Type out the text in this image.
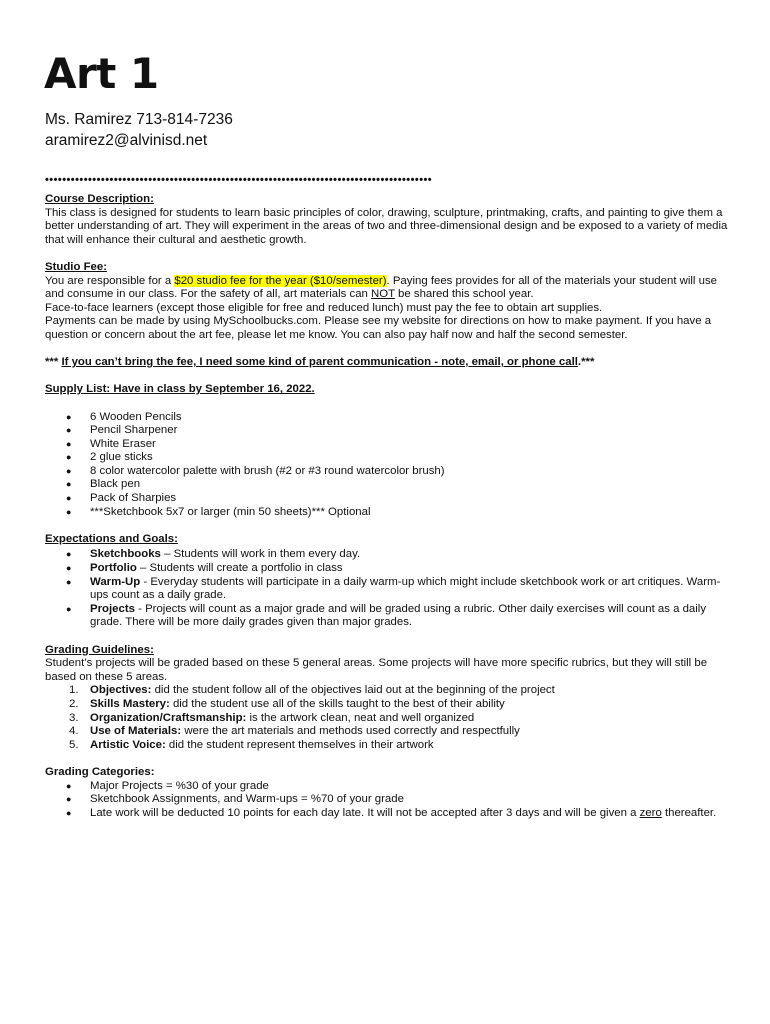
Art 1
Ms. Ramirez 713-814-7236
aramirez2@alvinisd.net
••••••••••••••••••••••••••••••••••••••••••••••••••••••••••••••••••••••••••••••••••••••••••

Course Description:

This class is designed for students to learn basic principles of color, drawing, sculpture, printmaking, crafts, and painting to give them a better understanding of art. They will experiment in the areas of two and three-dimensional design and be exposed to a variety of media that will enhance their cultural and aesthetic growth.

Studio Fee:

You are responsible for a $20 studio fee for the year ($10/semester). Paying fees provides for all of the materials your student will use and consume in our class. For the safety of all, art materials can NOT be shared this school year.

Face-to-face learners (except those eligible for free and reduced lunch) must pay the fee to obtain art supplies.

Payments can be made by using MySchoolbucks.com. Please see my website for directions on how to make payment. If you have a question or concern about the art fee, please let me know. You can also pay half now and half the second semester.

*** If you can’t bring the fee, I need some kind of parent communication - note, email, or phone call.***

Supply List: Have in class by September 16, 2022.

● 6 Wooden Pencils
● Pencil Sharpener
● White Eraser
● 2 glue sticks
● 8 color watercolor palette with brush (#2 or #3 round watercolor brush)
● Black pen
● Pack of Sharpies
● ***Sketchbook 5x7 or larger (min 50 sheets)*** Optional

Expectations and Goals:

● Sketchbooks – Students will work in them every day.
● Portfolio – Students will create a portfolio in class
● Warm-Up - Everyday students will participate in a daily warm-up which might include sketchbook work or art critiques. Warm-ups count as a daily grade.
● Projects - Projects will count as a major grade and will be graded using a rubric. Other daily exercises will count as a daily grade. There will be more daily grades given than major grades.

Grading Guidelines:

Student’s projects will be graded based on these 5 general areas. Some projects will have more specific rubrics, but they will still be based on these 5 areas.

1. Objectives: did the student follow all of the objectives laid out at the beginning of the project
2. Skills Mastery: did the student use all of the skills taught to the best of their ability
3. Organization/Craftsmanship: is the artwork clean, neat and well organized
4. Use of Materials: were the art materials and methods used correctly and respectfully
5. Artistic Voice: did the student represent themselves in their artwork

Grading Categories:

● Major Projects = %30 of your grade
● Sketchbook Assignments, and Warm-ups = %70 of your grade
● Late work will be deducted 10 points for each day late. It will not be accepted after 3 days and will be given a zero thereafter.
